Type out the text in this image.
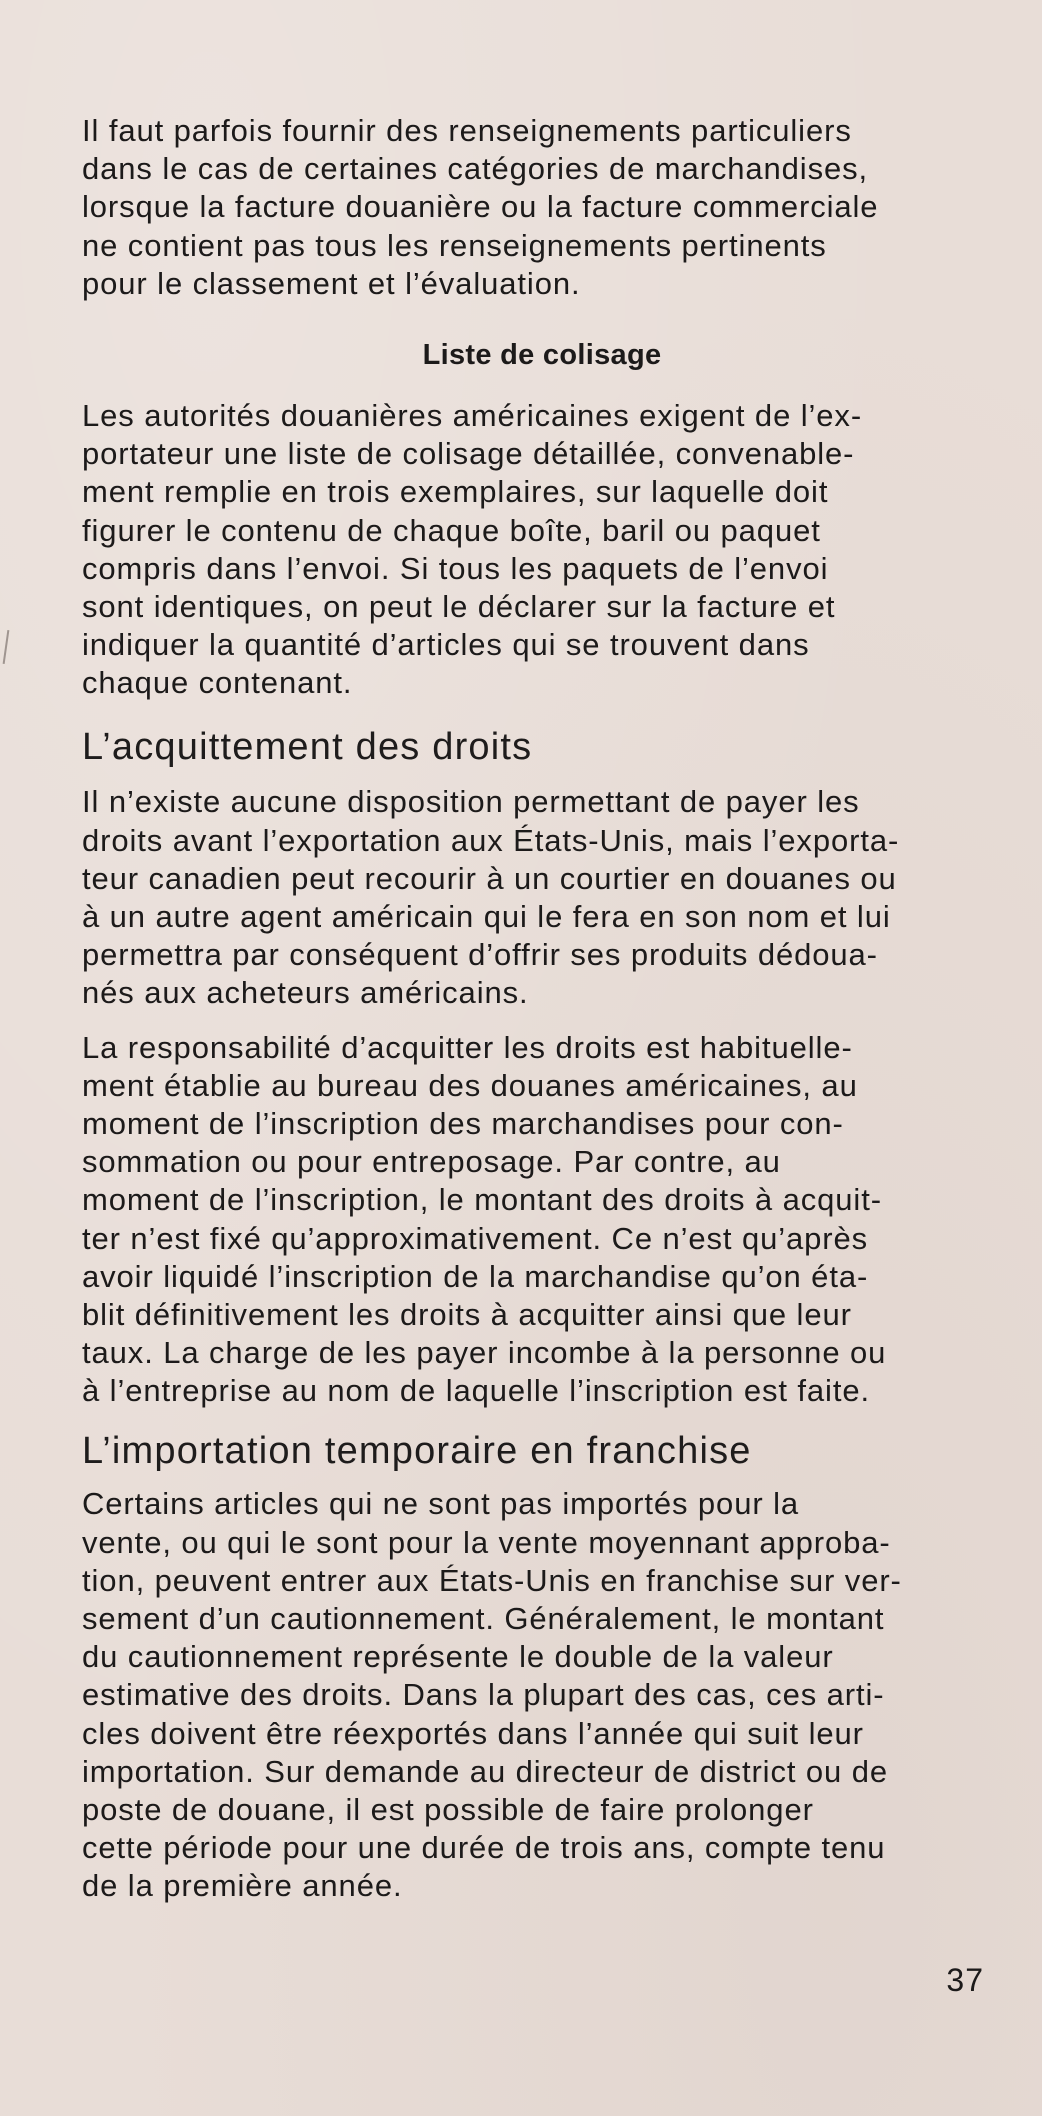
Il faut parfois fournir des renseignements particuliers
dans le cas de certaines catégories de marchandises,
lorsque la facture douanière ou la facture commerciale
ne contient pas tous les renseignements pertinents
pour le classement et l’évaluation.
Liste de colisage
Les autorités douanières américaines exigent de l’ex-
portateur une liste de colisage détaillée, convenable-
ment remplie en trois exemplaires, sur laquelle doit
figurer le contenu de chaque boîte, baril ou paquet
compris dans l’envoi. Si tous les paquets de l’envoi
sont identiques, on peut le déclarer sur la facture et
indiquer la quantité d’articles qui se trouvent dans
chaque contenant.
L’acquittement des droits
Il n’existe aucune disposition permettant de payer les
droits avant l’exportation aux États-Unis, mais l’exporta-
teur canadien peut recourir à un courtier en douanes ou
à un autre agent américain qui le fera en son nom et lui
permettra par conséquent d’offrir ses produits dédoua-
nés aux acheteurs américains.
La responsabilité d’acquitter les droits est habituelle-
ment établie au bureau des douanes américaines, au
moment de l’inscription des marchandises pour con-
sommation ou pour entreposage. Par contre, au
moment de l’inscription, le montant des droits à acquit-
ter n’est fixé qu’approximativement. Ce n’est qu’après
avoir liquidé l’inscription de la marchandise qu’on éta-
blit définitivement les droits à acquitter ainsi que leur
taux. La charge de les payer incombe à la personne ou
à l’entreprise au nom de laquelle l’inscription est faite.
L’importation temporaire en franchise
Certains articles qui ne sont pas importés pour la
vente, ou qui le sont pour la vente moyennant approba-
tion, peuvent entrer aux États-Unis en franchise sur ver-
sement d’un cautionnement. Généralement, le montant
du cautionnement représente le double de la valeur
estimative des droits. Dans la plupart des cas, ces arti-
cles doivent être réexportés dans l’année qui suit leur
importation. Sur demande au directeur de district ou de
poste de douane, il est possible de faire prolonger
cette période pour une durée de trois ans, compte tenu
de la première année.
37
